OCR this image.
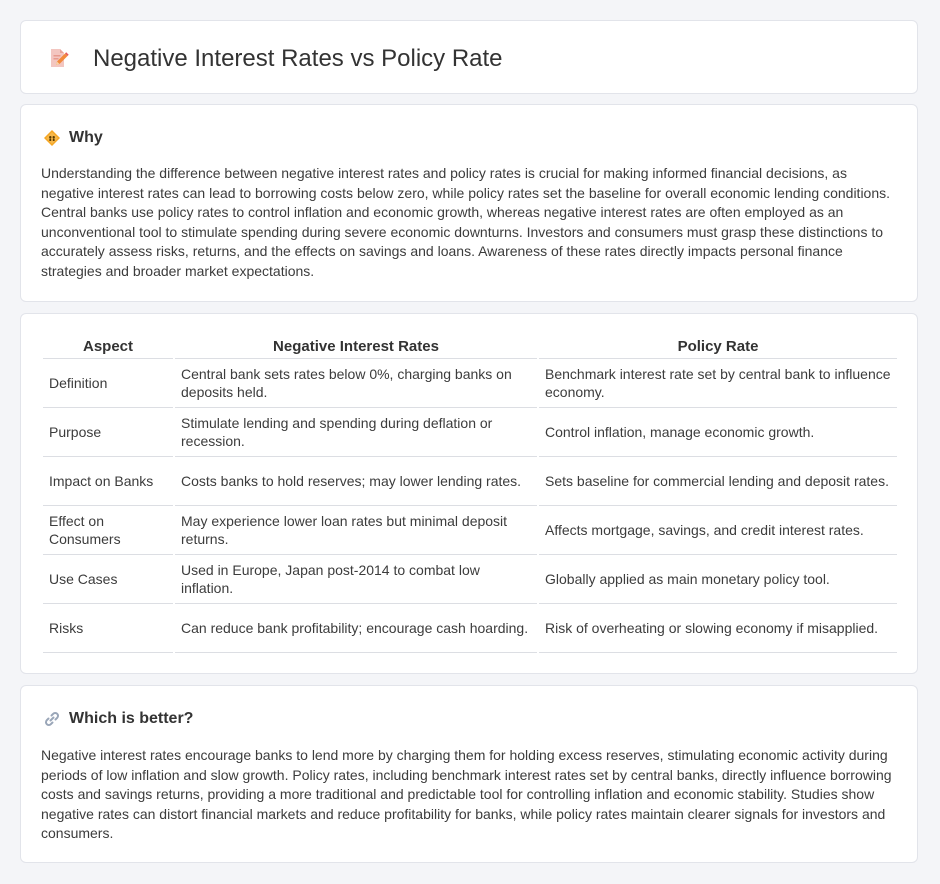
Negative Interest Rates vs Policy Rate
Why

Understanding the difference between negative interest rates and policy rates is crucial for making informed financial decisions, as negative interest rates can lead to borrowing costs below zero, while policy rates set the baseline for overall economic lending conditions. Central banks use policy rates to control inflation and economic growth, whereas negative interest rates are often employed as an unconventional tool to stimulate spending during severe economic downturns. Investors and consumers must grasp these distinctions to accurately assess risks, returns, and the effects on savings and loans. Awareness of these rates directly impacts personal finance strategies and broader market expectations.

Aspect	Negative Interest Rates	Policy Rate
Definition	Central bank sets rates below 0%, charging banks on deposits held.	Benchmark interest rate set by central bank to influence economy.
Purpose	Stimulate lending and spending during deflation or recession.	Control inflation, manage economic growth.
Impact on Banks	Costs banks to hold reserves; may lower lending rates.	Sets baseline for commercial lending and deposit rates.
Effect on Consumers	May experience lower loan rates but minimal deposit returns.	Affects mortgage, savings, and credit interest rates.
Use Cases	Used in Europe, Japan post-2014 to combat low inflation.	Globally applied as main monetary policy tool.
Risks	Can reduce bank profitability; encourage cash hoarding.	Risk of overheating or slowing economy if misapplied.
Which is better?

Negative interest rates encourage banks to lend more by charging them for holding excess reserves, stimulating economic activity during periods of low inflation and slow growth. Policy rates, including benchmark interest rates set by central banks, directly influence borrowing costs and savings returns, providing a more traditional and predictable tool for controlling inflation and economic stability. Studies show negative rates can distort financial markets and reduce profitability for banks, while policy rates maintain clearer signals for investors and consumers.
